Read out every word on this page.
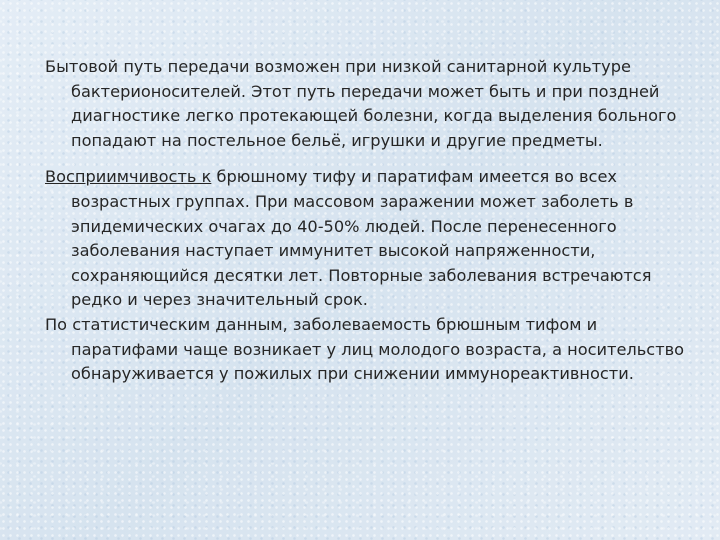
Бытовой путь передачи возможен при низкой санитарной культуре бактерионосителей. Этот путь передачи может быть и при поздней диагностике легко протекающей болезни, когда выделения больного попадают на постельное бельё, игрушки и другие предметы.

Восприимчивость к брюшному тифу и паратифам имеется во всех возрастных группах. При массовом заражении может заболеть в эпидемических очагах до 40-50% людей. После перенесенного заболевания наступает иммунитет высокой напряженности, сохраняющийся десятки лет. Повторные заболевания встречаются редко и через значительный срок.

По статистическим данным, заболеваемость брюшным тифом и паратифами чаще возникает у лиц молодого возраста, а носительство обнаруживается у пожилых при снижении иммунореактивности.
